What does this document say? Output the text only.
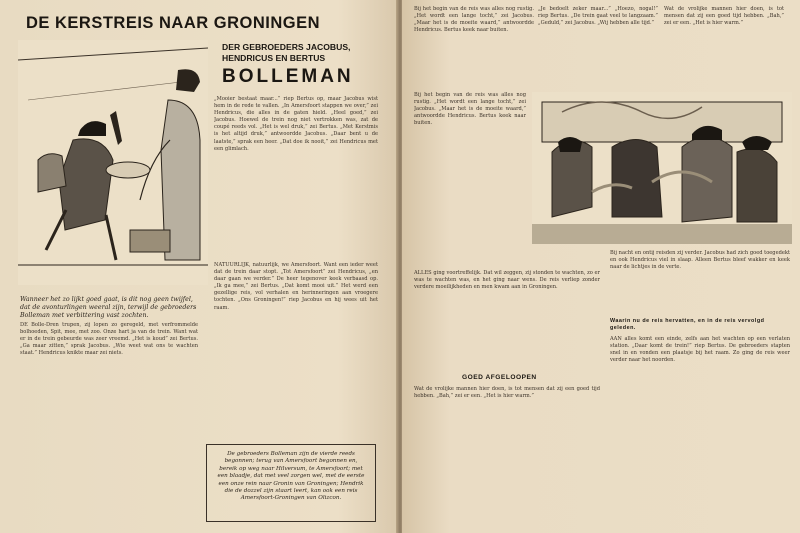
DE KERSTREIS NAAR GRONINGEN
DER GEBROEDERS JACOBUS,
HENDRICUS EN BERTUS
BOLLEMAN
„Mooier bestaat maar...” riep Bertus op, maar Jacobus wist hem in de rede te vallen. „In Amersfoort stappen we over,” zei Hendricus, die alles in de gaten hield. „Heel goed,” zei Jacobus. Hoewel de trein nog niet vertrokken was, zat de coupé reeds vol. „Het is wel druk,” zei Bertus. „Met Kerstmis is het altijd druk,” antwoordde Jacobus. „Daar bent u de laatste,” sprak een heer. „Dat doe ik nooit,” zei Hendricus met een glimlach.
NATUURLIJK, natuurlijk, we Amersfoort. Want een ieder weet dat de trein daar stopt. „Tot Amersfoort” zei Hendricus, „en daar gaan we verder.” De heer tegenover keek verbaasd op. „Ik ga mee,” zei Bertus. „Dat komt mooi uit.” Het werd een gezellige reis, vol verhalen en herinneringen aan vroegere tochten. „Ons Groningen!” riep Jacobus en hij wees uit het raam.
Wanneer het zo lijkt goed gaat, is dit nog geen twijfel, dat de avonturlingen weeral zijn, terwijl de gebroeders Bolleman met verbittering vast zochten.
DE Bolle-Dren trupen, zij lopen zo geregeld, met verfrommelde bolhoeden, Spit, mee, met zoo. Onze hart ja van de trein. Want wat er in de trein gebeurde was zeer vreemd. „Het is koud” zei Bertus. „Ga maar zitten,” sprak Jacobus. „Wie weet wat ons te wachten staat.” Hendricus knikte maar zei niets.
De gebroeders Bolleman zijn de vierde reeds begonnen; terug van Amersfoort begonnen en, bereik op weg naar Hilversum, te Amersfoort; met een blaadje, dat met veel zorgen wel, met de eerste een onze rein naar Gronin van Groningen; Hendrik die de dozzel zijn staart leert, kan ook een reis Amersfoort-Groningen van Olizcon.
Bij het begin van de reis was alles nog rustig. „Het wordt een lange tocht,” zei Jacobus. „Maar het is de moeite waard,” antwoordde Hendricus. Bertus keek naar buiten.
„Je bedoelt zeker maar...” „Hoezo, nogal!” riep Bertus. „De trein gaat veel te langzaam.” „Geduld,” zei Jacobus. „Wij hebben alle tijd.”
Wat de vrolijke mannen hier doen, is tot mensen dat zij een goed tijd hebben. „Bah,” zei er een. „Het is hier warm.”
Bij het begin van de reis was alles nog rustig. „Het wordt een lange tocht,” zei Jacobus. „Maar het is de moeite waard,” antwoordde Hendricus. Bertus keek naar buiten.
ALLES ging voortreffelijk. Dat wil zeggen, zij stonden te wachten, zo er was te wachten was, en het ging naar wens. De reis verliep zonder verdere moeilijkheden en men kwam aan in Groningen.
GOED AFGELOOPEN
Wat de vrolijke mannen hier doen, is tot mensen dat zij een goed tijd hebben. „Bah,” zei er een. „Het is hier warm.”
Bij nacht en ontij reisden zij verder. Jacobus had zich goed toegedekt en ook Hendricus viel in slaap. Alleen Bertus bleef wakker en keek naar de lichtjes in de verte.
Waarin nu de reis hervatten, en in de reis vervolgd geleden.
AAN alles komt een einde, zelfs aan het wachten op een verlaten station. „Daar komt de trein!” riep Bertus. De gebroeders stapten snel in en vonden een plaatsje bij het raam. Zo ging de reis weer verder naar het noorden.
